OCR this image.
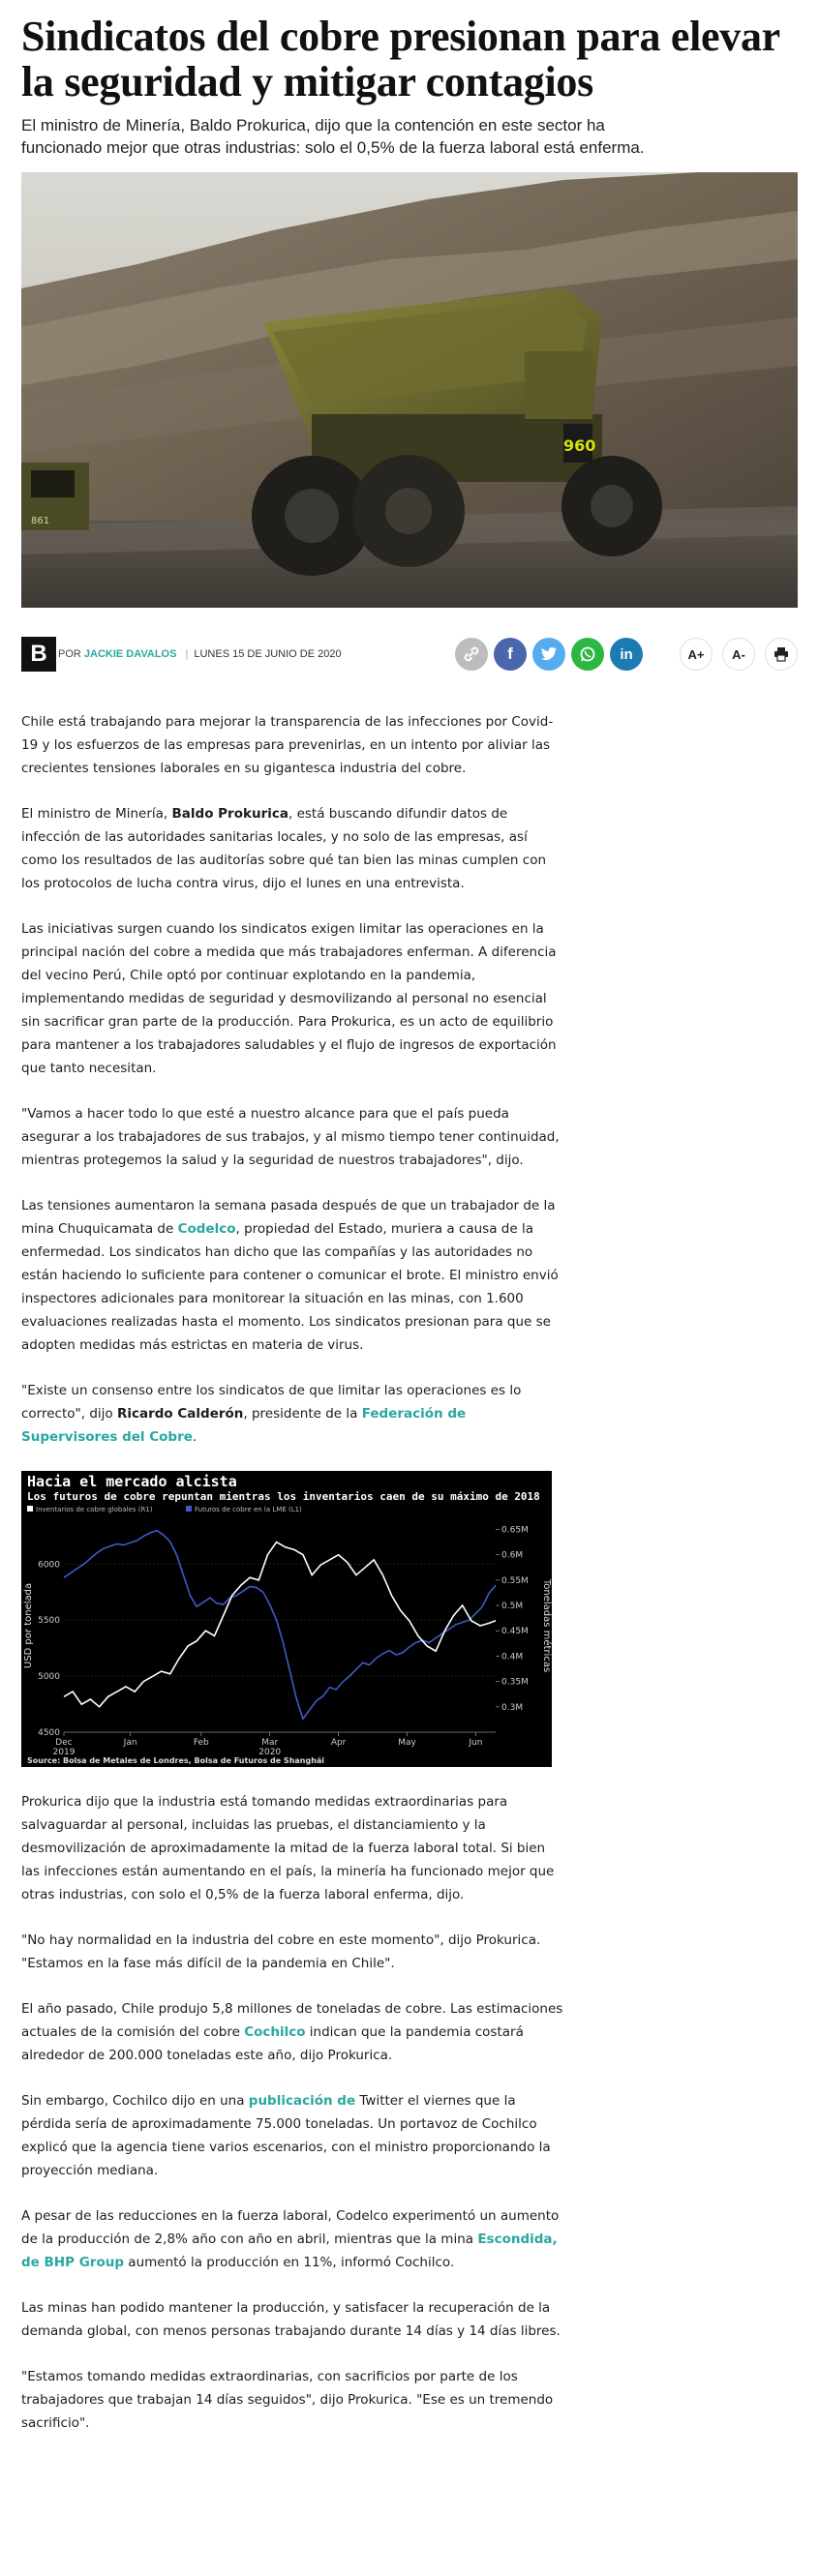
Sindicatos del cobre presionan para elevar la seguridad y mitigar contagios

El ministro de Minería, Baldo Prokurica, dijo que la contención en este sector ha funcionado mejor que otras industrias: solo el 0,5% de la fuerza laboral está enferma.

861
960
B	POR JACKIE DAVALOS | LUNES 15 DE JUNIO DE 2020	f	in	A+	A-

Chile está trabajando para mejorar la transparencia de las infecciones por Covid-19 y los esfuerzos de las empresas para prevenirlas, en un intento por aliviar las crecientes tensiones laborales en su gigantesca industria del cobre.

El ministro de Minería, Baldo Prokurica, está buscando difundir datos de infección de las autoridades sanitarias locales, y no solo de las empresas, así como los resultados de las auditorías sobre qué tan bien las minas cumplen con los protocolos de lucha contra virus, dijo el lunes en una entrevista.

Las iniciativas surgen cuando los sindicatos exigen limitar las operaciones en la principal nación del cobre a medida que más trabajadores enferman. A diferencia del vecino Perú, Chile optó por continuar explotando en la pandemia, implementando medidas de seguridad y desmovilizando al personal no esencial sin sacrificar gran parte de la producción. Para Prokurica, es un acto de equilibrio para mantener a los trabajadores saludables y el flujo de ingresos de exportación que tanto necesitan.

"Vamos a hacer todo lo que esté a nuestro alcance para que el país pueda asegurar a los trabajadores de sus trabajos, y al mismo tiempo tener continuidad, mientras protegemos la salud y la seguridad de nuestros trabajadores", dijo.

Las tensiones aumentaron la semana pasada después de que un trabajador de la mina Chuquicamata de Codelco, propiedad del Estado, muriera a causa de la enfermedad. Los sindicatos han dicho que las compañías y las autoridades no están haciendo lo suficiente para contener o comunicar el brote. El ministro envió inspectores adicionales para monitorear la situación en las minas, con 1.600 evaluaciones realizadas hasta el momento. Los sindicatos presionan para que se adopten medidas más estrictas en materia de virus.

"Existe un consenso entre los sindicatos de que limitar las operaciones es lo correcto", dijo Ricardo Calderón, presidente de la Federación de Supervisores del Cobre.

Hacia el mercado alcista
Los futuros de cobre repuntan mientras los inventarios caen de su máximo de 2018
Inventarios de cobre globales (R1)	Futuros de cobre en la LME (L1)
6000
5500
5000
4500
0.65M
0.6M
0.55M
0.5M
0.45M
0.4M
0.35M
0.3M
USD por tonelada	Toneladas métricas
Dec
2019
Jan	Feb	Mar
2020
Apr	May	Jun
Source: Bolsa de Metales de Londres, Bolsa de Futuros de Shanghái

Prokurica dijo que la industria está tomando medidas extraordinarias para salvaguardar al personal, incluidas las pruebas, el distanciamiento y la desmovilización de aproximadamente la mitad de la fuerza laboral total. Si bien las infecciones están aumentando en el país, la minería ha funcionado mejor que otras industrias, con solo el 0,5% de la fuerza laboral enferma, dijo.

"No hay normalidad en la industria del cobre en este momento", dijo Prokurica. "Estamos en la fase más difícil de la pandemia en Chile".

El año pasado, Chile produjo 5,8 millones de toneladas de cobre. Las estimaciones actuales de la comisión del cobre Cochilco indican que la pandemia costará alrededor de 200.000 toneladas este año, dijo Prokurica.

Sin embargo, Cochilco dijo en una publicación de Twitter el viernes que la pérdida sería de aproximadamente 75.000 toneladas. Un portavoz de Cochilco explicó que la agencia tiene varios escenarios, con el ministro proporcionando la proyección mediana.

A pesar de las reducciones en la fuerza laboral, Codelco experimentó un aumento de la producción de 2,8% año con año en abril, mientras que la mina Escondida, de BHP Group aumentó la producción en 11%, informó Cochilco.

Las minas han podido mantener la producción, y satisfacer la recuperación de la demanda global, con menos personas trabajando durante 14 días y 14 días libres.

"Estamos tomando medidas extraordinarias, con sacrificios por parte de los trabajadores que trabajan 14 días seguidos", dijo Prokurica. "Ese es un tremendo sacrificio".
